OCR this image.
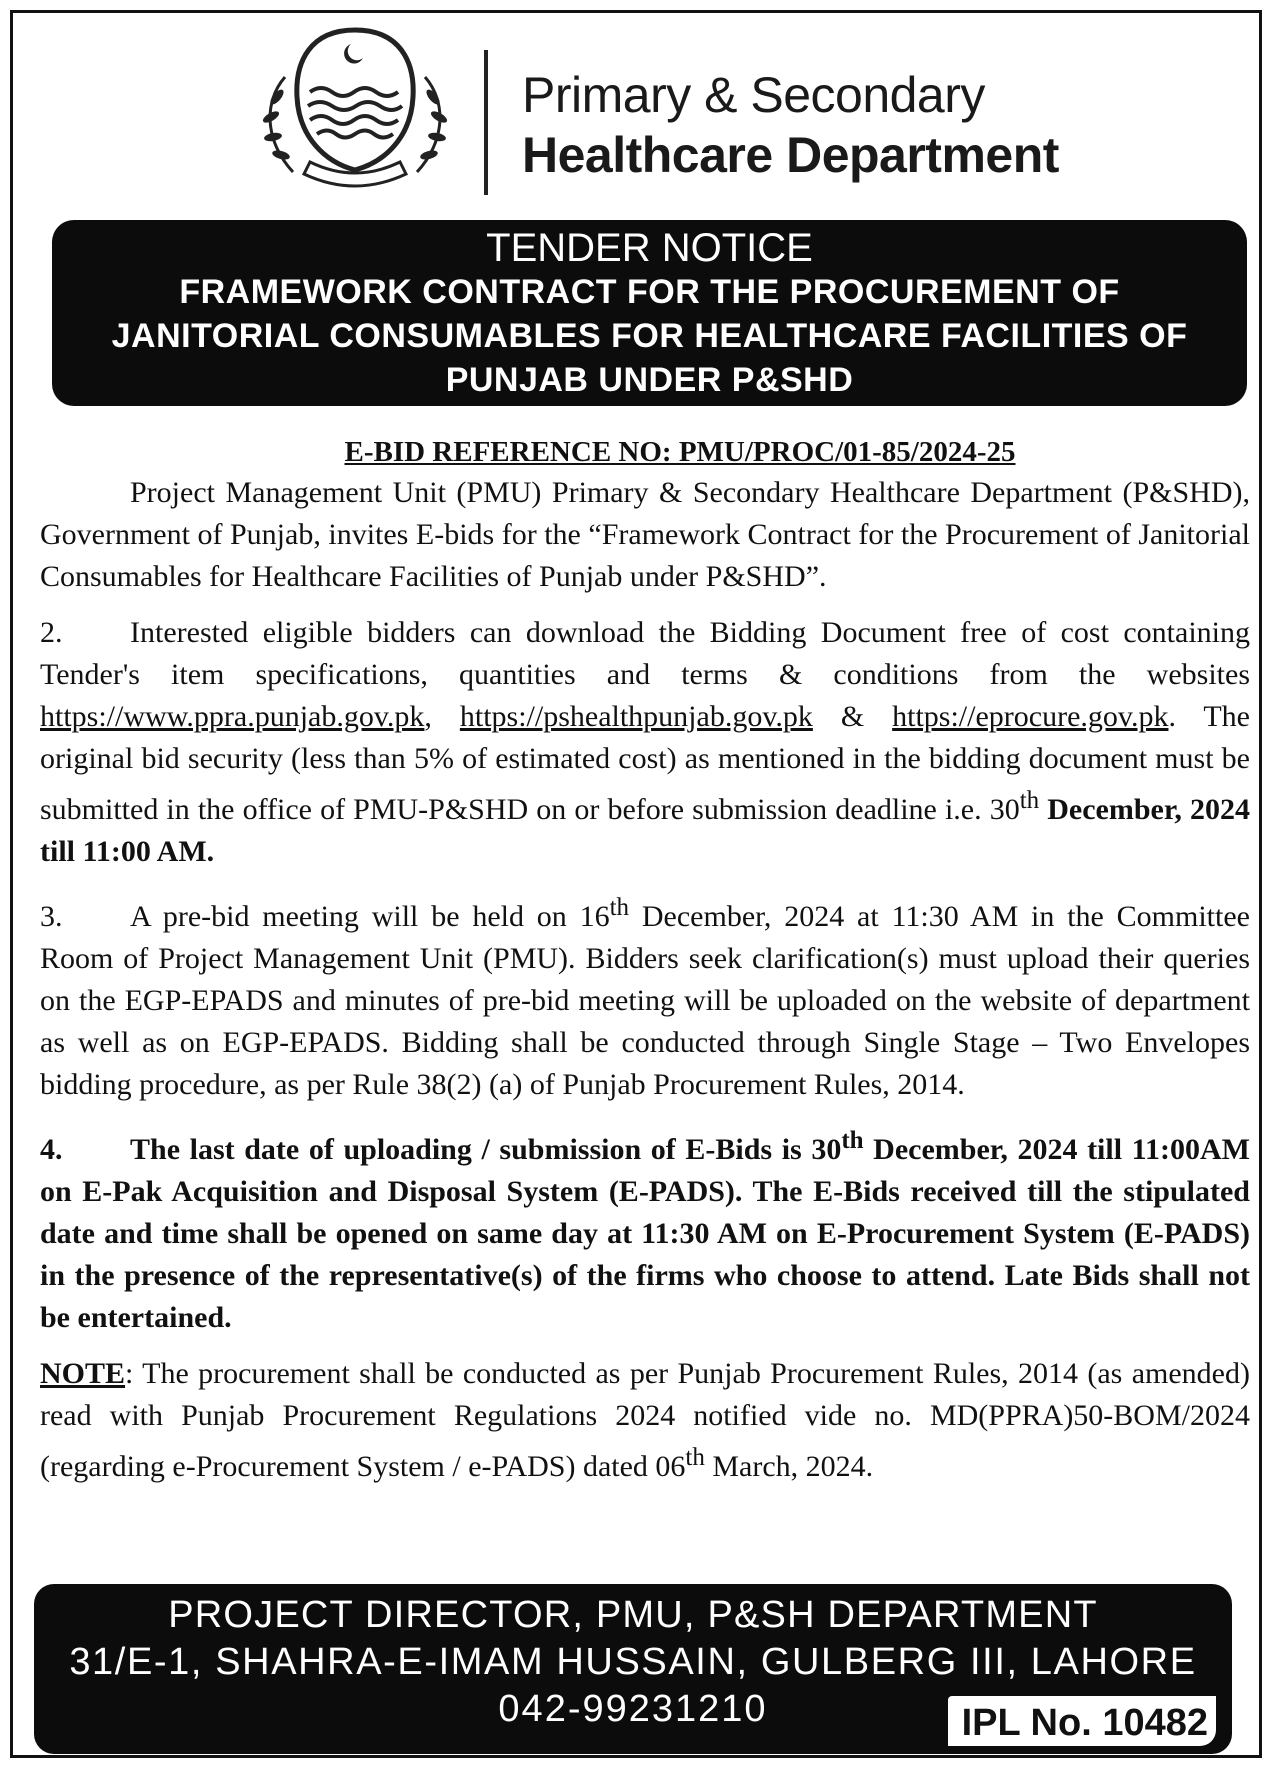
Primary & Secondary
Healthcare Department
TENDER NOTICE
FRAMEWORK CONTRACT FOR THE PROCUREMENT OF
JANITORIAL CONSUMABLES FOR HEALTHCARE FACILITIES OF
PUNJAB UNDER P&SHD
E-BID REFERENCE NO: PMU/PROC/01-85/2024-25

Project Management Unit (PMU) Primary & Secondary Healthcare Department (P&SHD), Government of Punjab, invites E-bids for the “Framework Contract for the Procurement of Janitorial Consumables for Healthcare Facilities of Punjab under P&SHD”.

2. Interested eligible bidders can download the Bidding Document free of cost containing Tender's item specifications, quantities and terms & conditions from the websites https://www.ppra.punjab.gov.pk, https://pshealthpunjab.gov.pk & https://eprocure.gov.pk. The original bid security (less than 5% of estimated cost) as mentioned in the bidding document must be submitted in the office of PMU-P&SHD on or before submission deadline i.e. 30th December, 2024 till 11:00 AM.

3. A pre-bid meeting will be held on 16th December, 2024 at 11:30 AM in the Committee Room of Project Management Unit (PMU). Bidders seek clarification(s) must upload their queries on the EGP-EPADS and minutes of pre-bid meeting will be uploaded on the website of department as well as on EGP-EPADS. Bidding shall be conducted through Single Stage – Two Envelopes bidding procedure, as per Rule 38(2) (a) of Punjab Procurement Rules, 2014.

4. The last date of uploading / submission of E-Bids is 30th December, 2024 till 11:00AM on E-Pak Acquisition and Disposal System (E-PADS). The E-Bids received till the stipulated date and time shall be opened on same day at 11:30 AM on E-Procurement System (E-PADS) in the presence of the representative(s) of the firms who choose to attend. Late Bids shall not be entertained.

NOTE: The procurement shall be conducted as per Punjab Procurement Rules, 2014 (as amended) read with Punjab Procurement Regulations 2024 notified vide no. MD(PPRA)50-BOM/2024 (regarding e-Procurement System / e-PADS) dated 06th March, 2024.

PROJECT DIRECTOR, PMU, P&SH DEPARTMENT
31/E-1, SHAHRA-E-IMAM HUSSAIN, GULBERG III, LAHORE
042-99231210	IPL No. 10482
